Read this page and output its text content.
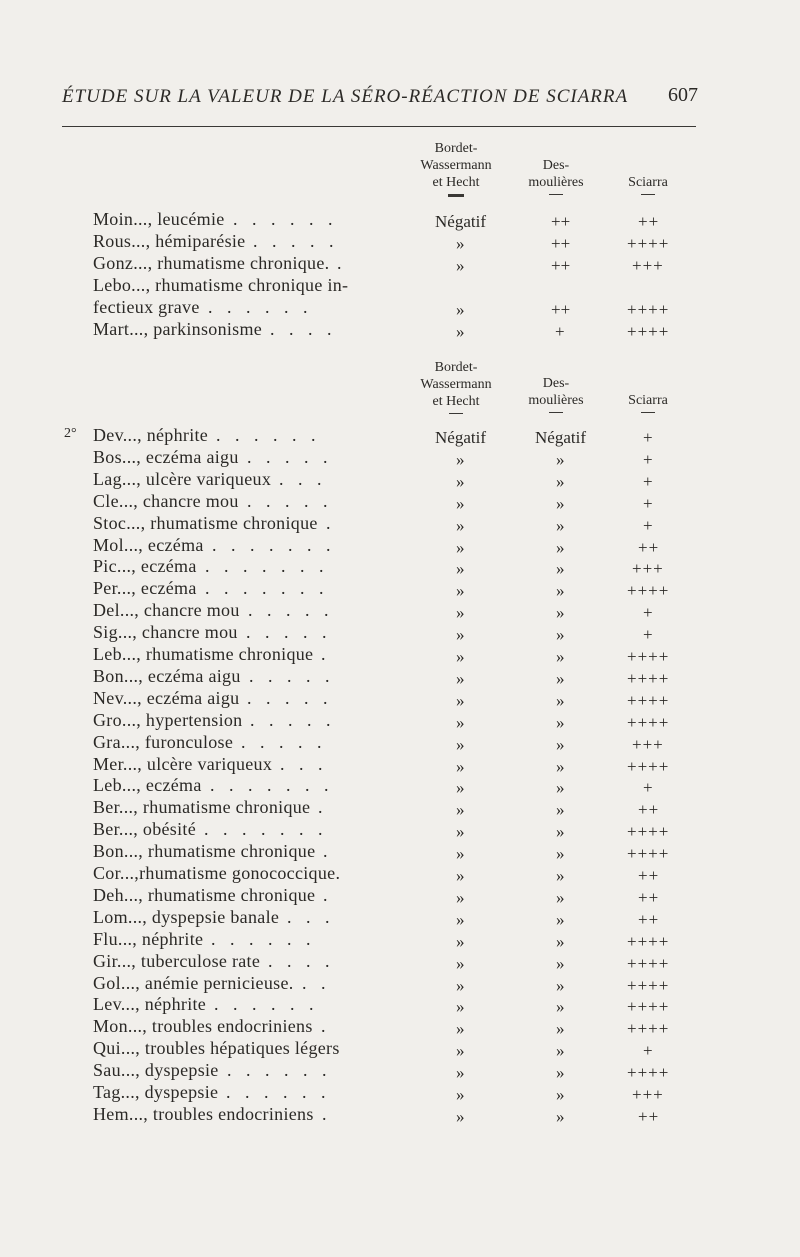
ÉTUDE SUR LA VALEUR DE LA SÉRO-RÉACTION DE SCIARRA 607
Bordet-
Wassermann
et Hecht
Des-
moulières	Sciarra
Moin..., leucémie . . . . . .	Négatif	++	++
Rous..., hémiparésie . . . . .	»	++	++++
Gonz..., rhumatisme chronique. .	»	++	+++
Lebo..., rhumatisme chronique in-
fectieux grave . . . . . .	»	++	++++
Mart..., parkinsonisme . . . .	»	+	++++
Bordet-
Wassermann
et Hecht
Des-
moulières	Sciarra
2° Dev..., néphrite . . . . . .	Négatif	Négatif	+
Bos..., eczéma aigu . . . . .	»	»	+
Lag..., ulcère variqueux . . .	»	»	+
Cle..., chancre mou . . . . .	»	»	+
Stoc..., rhumatisme chronique .	»	»	+
Mol..., eczéma . . . . . . .	»	»	++
Pic..., eczéma . . . . . . .	»	»	+++
Per..., eczéma . . . . . . .	»	»	++++
Del..., chancre mou . . . . .	»	»	+
Sig..., chancre mou . . . . .	»	»	+
Leb..., rhumatisme chronique .	»	»	++++
Bon..., eczéma aigu . . . . .	»	»	++++
Nev..., eczéma aigu . . . . .	»	»	++++
Gro..., hypertension . . . . .	»	»	++++
Gra..., furonculose . . . . .	»	»	+++
Mer..., ulcère variqueux . . .	»	»	++++
Leb..., eczéma . . . . . . .	»	»	+
Ber..., rhumatisme chronique .	»	»	++
Ber..., obésité . . . . . . .	»	»	++++
Bon..., rhumatisme chronique .	»	»	++++
Cor...,rhumatisme gonococcique.	»	»	++
Deh..., rhumatisme chronique .	»	»	++
Lom..., dyspepsie banale . . .	»	»	++
Flu..., néphrite . . . . . .	»	»	++++
Gir..., tuberculose rate . . . .	»	»	++++
Gol..., anémie pernicieuse. . .	»	»	++++
Lev..., néphrite . . . . . .	»	»	++++
Mon..., troubles endocriniens .	»	»	++++
Qui..., troubles hépatiques légers	»	»	+
Sau..., dyspepsie . . . . . .	»	»	++++
Tag..., dyspepsie . . . . . .	»	»	+++
Hem..., troubles endocriniens .	»	»	++
